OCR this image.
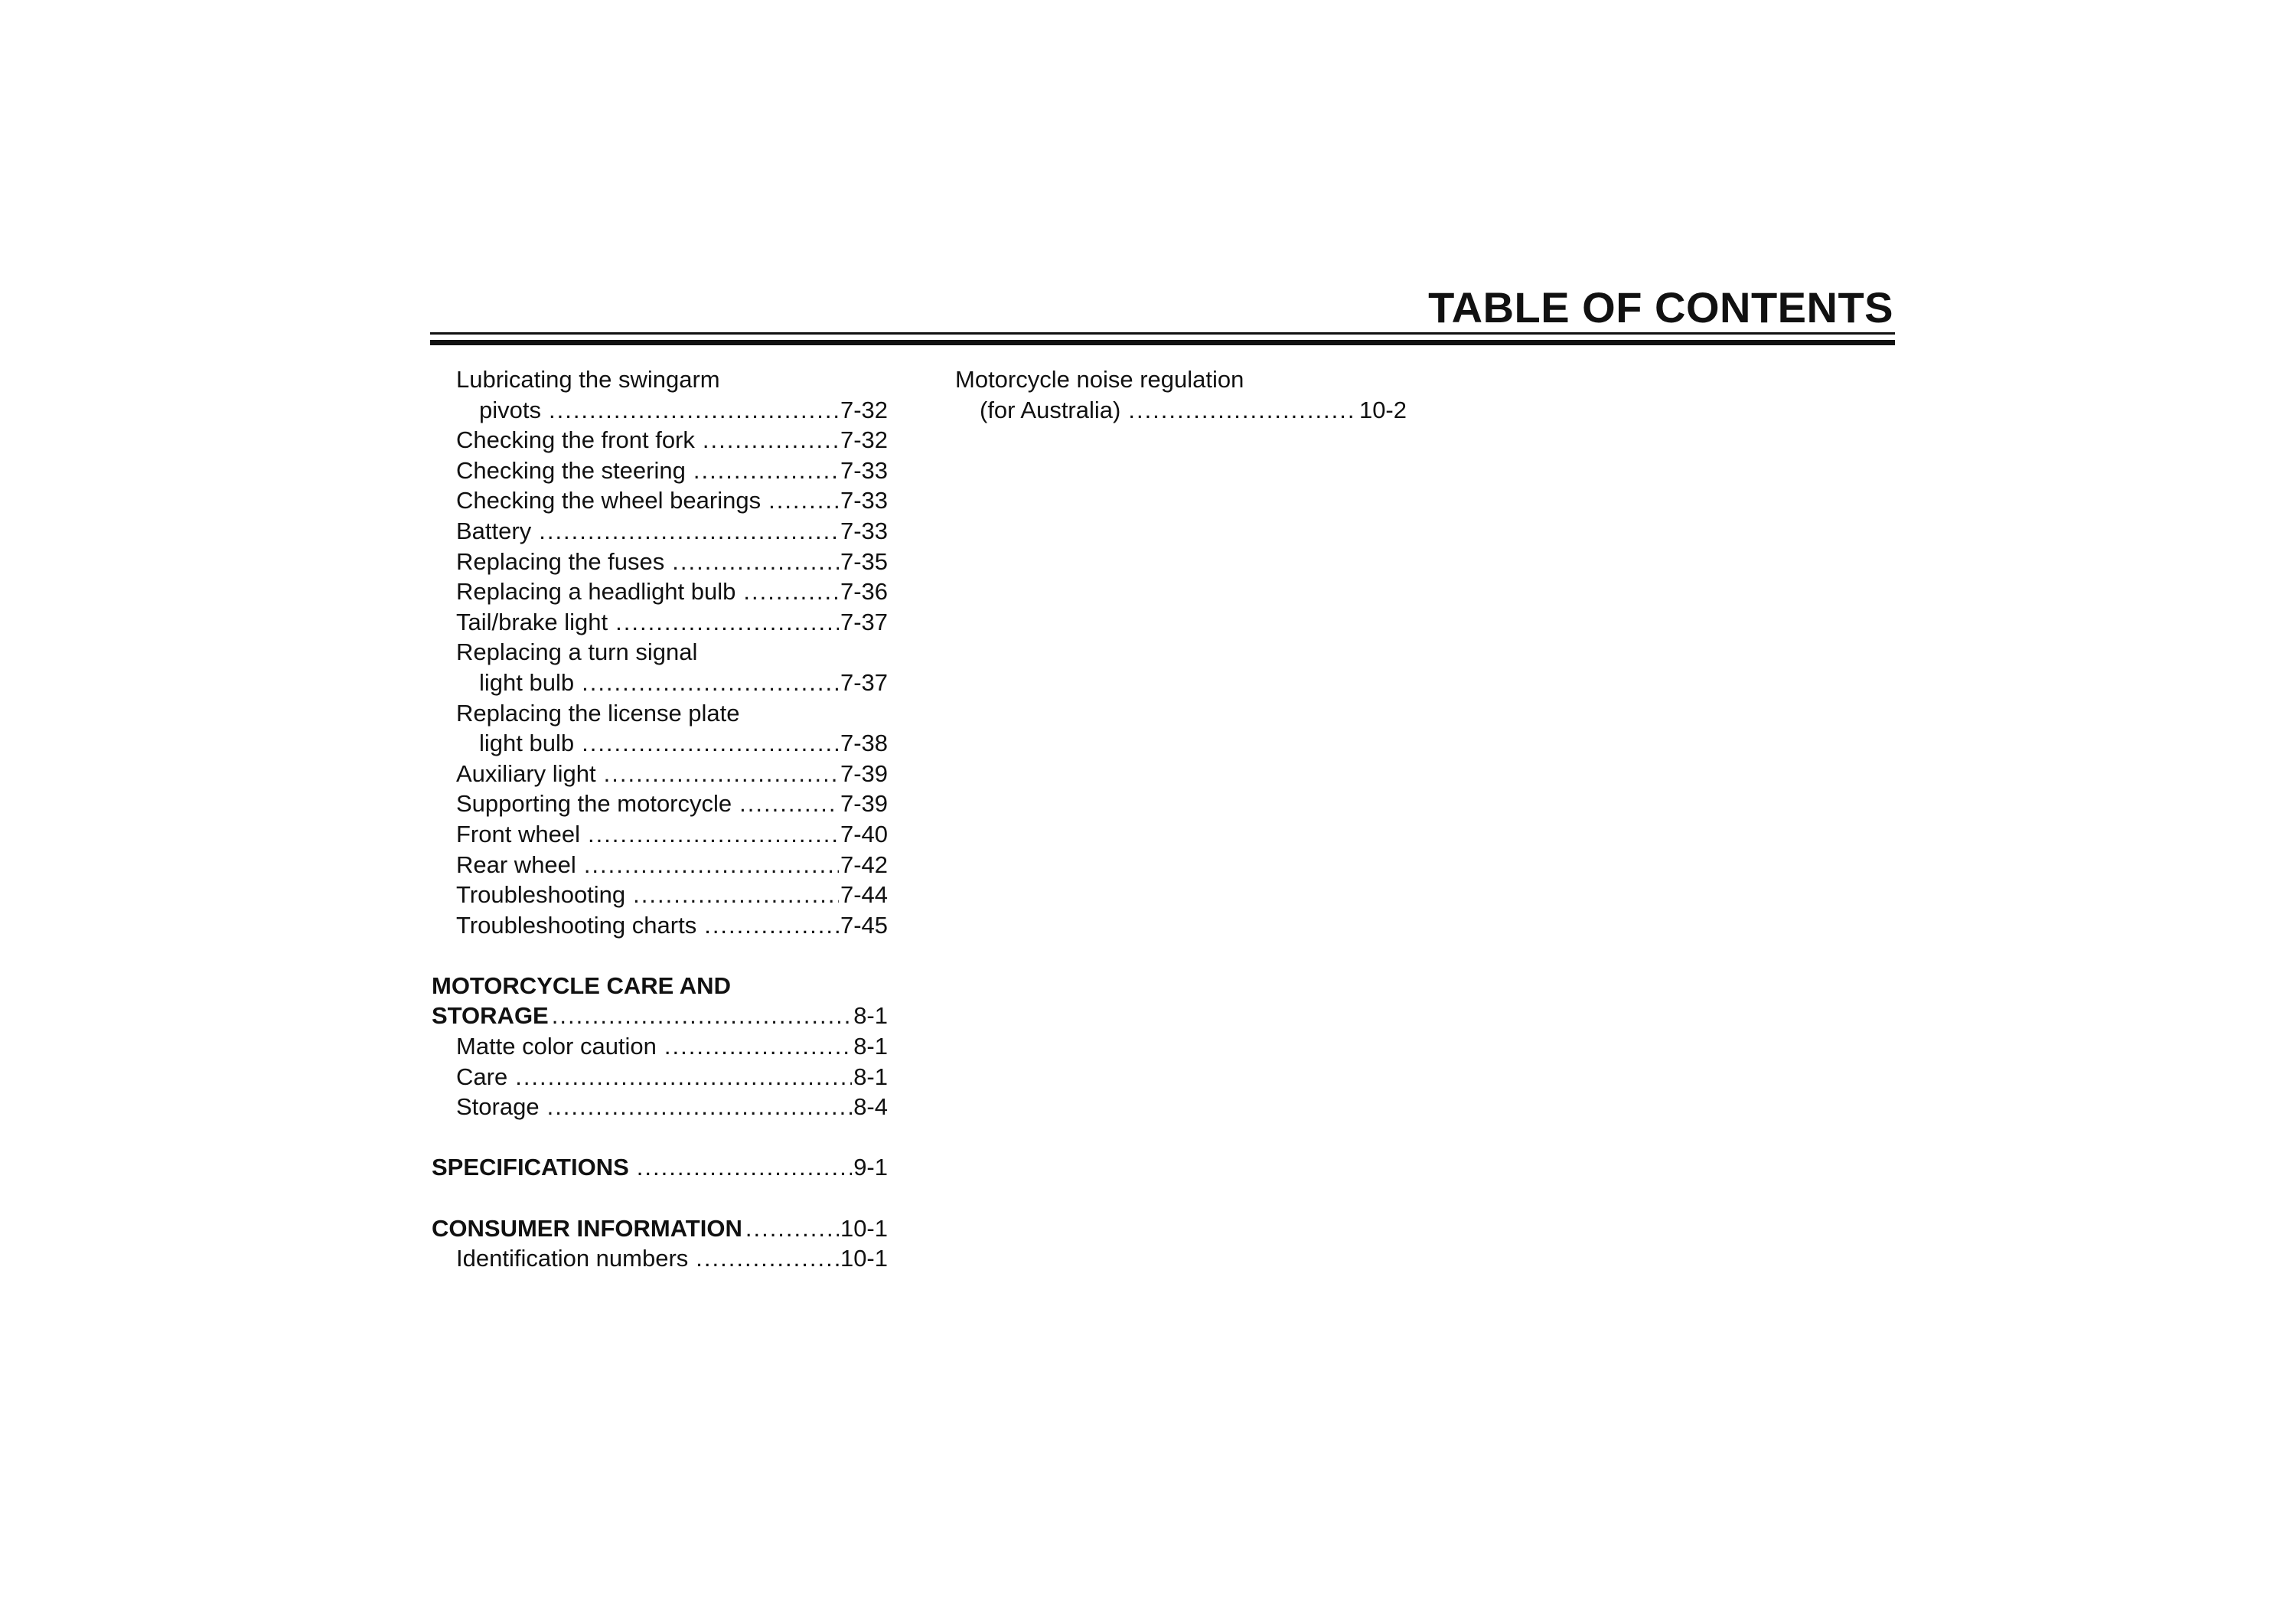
TABLE OF CONTENTS
Lubricating the swingarm
pivots .....	7-32
Checking the front fork .....	7-32
Checking the steering .....	7-33
Checking the wheel bearings .....	7-33
Battery .....	7-33
Replacing the fuses .....	7-35
Replacing a headlight bulb .....	7-36
Tail/brake light .....	7-37
Replacing a turn signal
light bulb .....	7-37
Replacing the license plate
light bulb .....	7-38
Auxiliary light .....	7-39
Supporting the motorcycle .....	7-39
Front wheel .....	7-40
Rear wheel .....	7-42
Troubleshooting .....	7-44
Troubleshooting charts .....	7-45
MOTORCYCLE CARE AND
STORAGE .....	8-1
Matte color caution .....	8-1
Care .....	8-1
Storage .....	8-4
SPECIFICATIONS .....	9-1
CONSUMER INFORMATION .....	10-1
Identification numbers .....	10-1
Motorcycle noise regulation
(for Australia) .....	10-2
